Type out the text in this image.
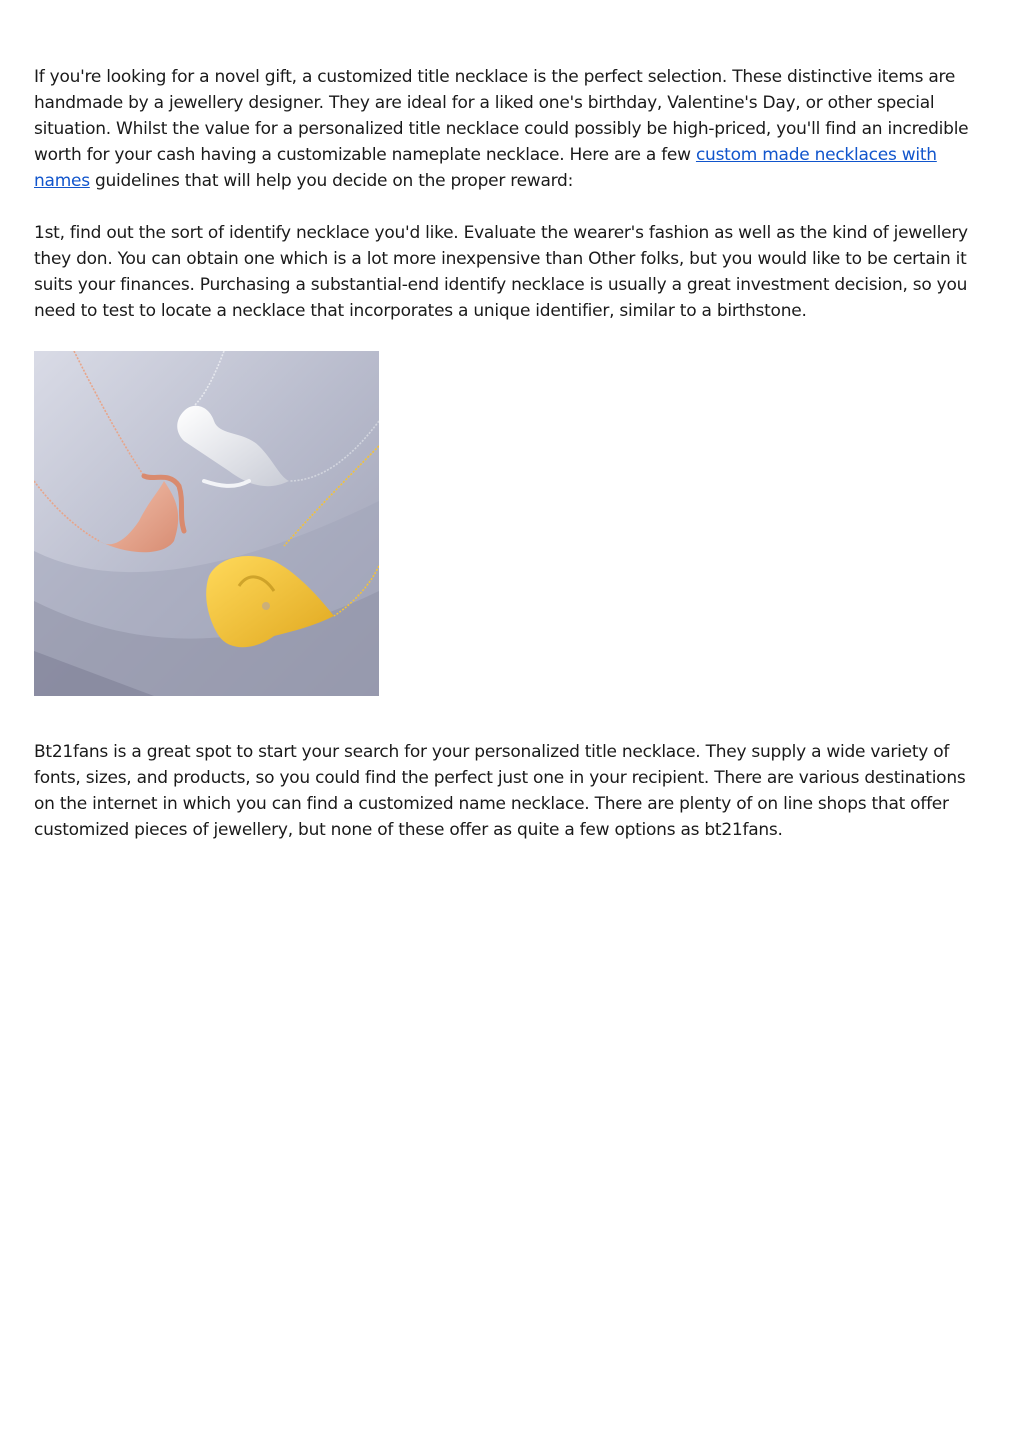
If you're looking for a novel gift, a customized title necklace is the perfect selection. These distinctive items are handmade by a jewellery designer. They are ideal for a liked one's birthday, Valentine's Day, or other special situation. Whilst the value for a personalized title necklace could possibly be high-priced, you'll find an incredible worth for your cash having a customizable nameplate necklace. Here are a few custom made necklaces with names guidelines that will help you decide on the proper reward:

1st, find out the sort of identify necklace you'd like. Evaluate the wearer's fashion as well as the kind of jewellery they don. You can obtain one which is a lot more inexpensive than Other folks, but you would like to be certain it suits your finances. Purchasing a substantial-end identify necklace is usually a great investment decision, so you need to test to locate a necklace that incorporates a unique identifier, similar to a birthstone.

Bt21fans is a great spot to start your search for your personalized title necklace. They supply a wide variety of fonts, sizes, and products, so you could find the perfect just one in your recipient. There are various destinations on the internet in which you can find a customized name necklace. There are plenty of on line shops that offer customized pieces of jewellery, but none of these offer as quite a few options as bt21fans.
